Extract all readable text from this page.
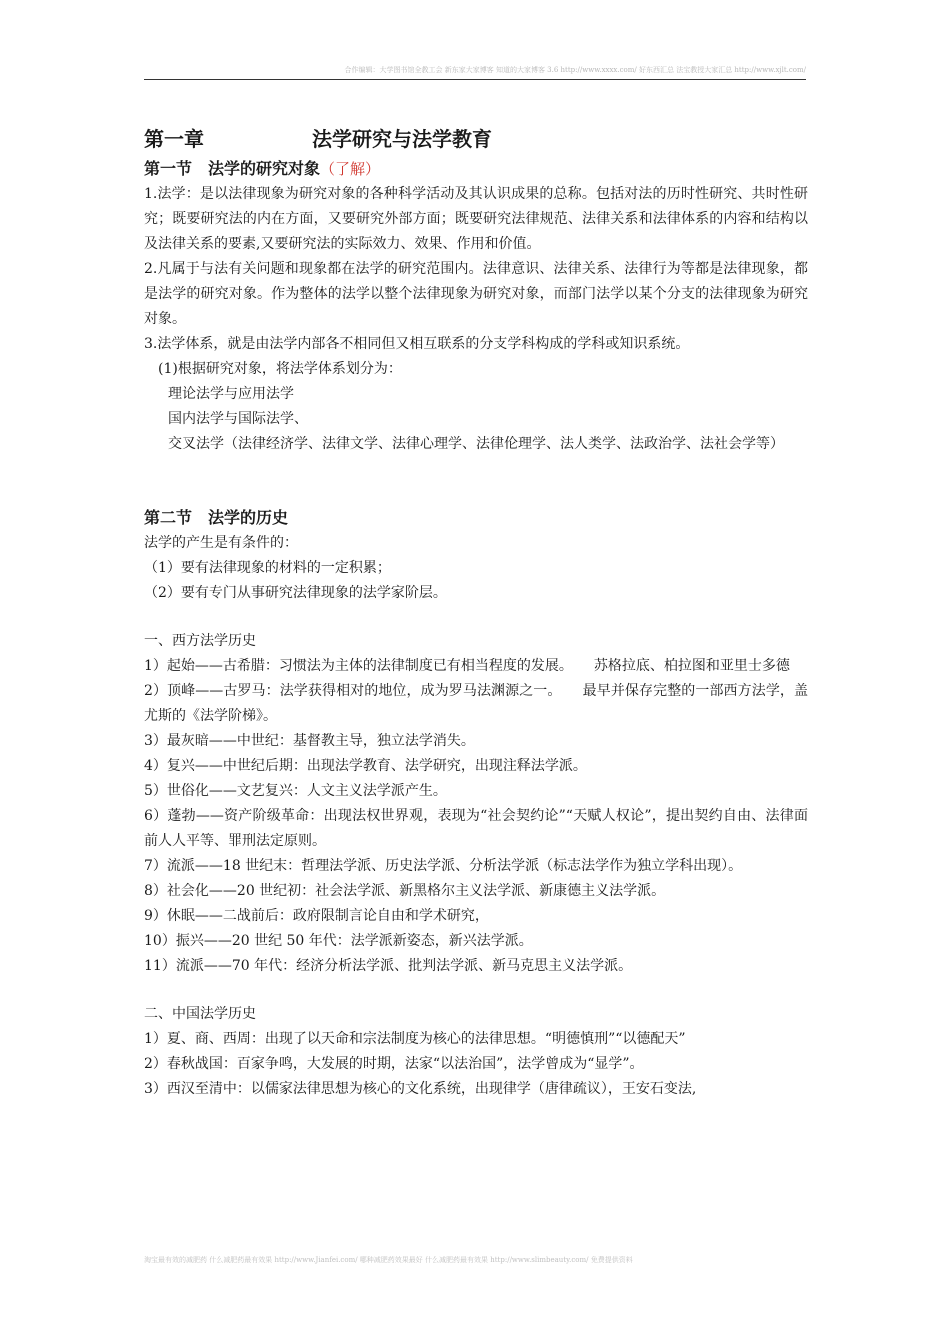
合作编辑：大学图书馆全教工会 新东家大家博客 知道的大家博客 3.6 http://www.xxxx.com/ 好东西汇总 法宝教授大家汇总 http://www.xjlt.com/
第一章	法学研究与法学教育
第一节　法学的研究对象（了解）

1.法学：是以法律现象为研究对象的各种科学活动及其认识成果的总称。包括对法的历时性研究、共时性研究；既要研究法的内在方面，又要研究外部方面；既要研究法律规范、法律关系和法律体系的内容和结构以及法律关系的要素,又要研究法的实际效力、效果、作用和价值。

2.凡属于与法有关问题和现象都在法学的研究范围内。法律意识、法律关系、法律行为等都是法律现象，都是法学的研究对象。作为整体的法学以整个法律现象为研究对象，而部门法学以某个分支的法律现象为研究对象。

3.法学体系，就是由法学内部各不相同但又相互联系的分支学科构成的学科或知识系统。

(1)根据研究对象，将法学体系划分为：

理论法学与应用法学

国内法学与国际法学、

交叉法学（法律经济学、法律文学、法律心理学、法律伦理学、法人类学、法政治学、法社会学等）

第二节　法学的历史

法学的产生是有条件的：

（1）要有法律现象的材料的一定积累；

（2）要有专门从事研究法律现象的法学家阶层。

一、西方法学历史

1）起始——古希腊：习惯法为主体的法律制度已有相当程度的发展。　　苏格拉底、柏拉图和亚里士多德

2）顶峰——古罗马：法学获得相对的地位，成为罗马法渊源之一。　　最早并保存完整的一部西方法学，盖尤斯的《法学阶梯》。

3）最灰暗——中世纪：基督教主导，独立法学消失。

4）复兴——中世纪后期：出现法学教育、法学研究，出现注释法学派。

5）世俗化——文艺复兴：人文主义法学派产生。

6）蓬勃——资产阶级革命：出现法权世界观，表现为“社会契约论”“天赋人权论”，提出契约自由、法律面前人人平等、罪刑法定原则。

7）流派——18 世纪末：哲理法学派、历史法学派、分析法学派（标志法学作为独立学科出现）。

8）社会化——20 世纪初：社会法学派、新黑格尔主义法学派、新康德主义法学派。

9）休眠——二战前后：政府限制言论自由和学术研究，

10）振兴——20 世纪 50 年代：法学派新姿态，新兴法学派。

11）流派——70 年代：经济分析法学派、批判法学派、新马克思主义法学派。

二、中国法学历史

1）夏、商、西周：出现了以天命和宗法制度为核心的法律思想。“明德慎刑”“以德配天”

2）春秋战国：百家争鸣，大发展的时期，法家“以法治国”，法学曾成为“显学”。

3）西汉至清中：以儒家法律思想为核心的文化系统，出现律学（唐律疏议），王安石变法,

淘宝最有效的减肥药 什么减肥药最有效果 http://www.Jianfei.com/ 哪种减肥药效果最好 什么减肥药最有效果 http://www.slimbeauty.com/ 免费提供资料
